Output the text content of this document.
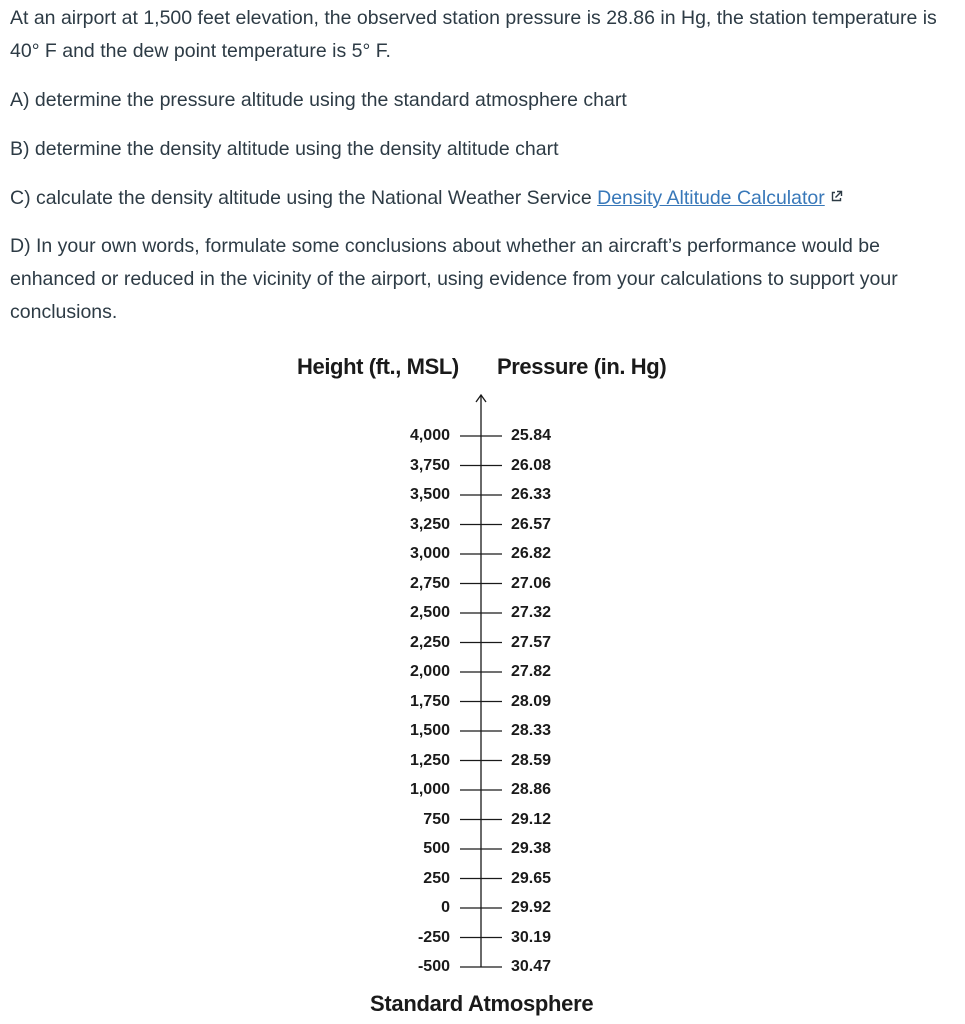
At an airport at 1,500 feet elevation, the observed station pressure is 28.86 in Hg, the station temperature is 40° F and the dew point temperature is 5° F.

A) determine the pressure altitude using the standard atmosphere chart

B) determine the density altitude using the density altitude chart

C) calculate the density altitude using the National Weather Service Density Altitude Calculator

D) In your own words, formulate some conclusions about whether an aircraft’s performance would be enhanced or reduced in the vicinity of the airport, using evidence from your calculations to support your conclusions.

Height (ft., MSL) Pressure (in. Hg)
Standard Atmosphere
4,000	25.84
3,750	26.08
3,500	26.33
3,250	26.57
3,000	26.82
2,750	27.06
2,500	27.32
2,250	27.57
2,000	27.82
1,750	28.09
1,500	28.33
1,250	28.59
1,000	28.86
750	29.12
500	29.38
250	29.65
0	29.92
-250	30.19
-500	30.47
